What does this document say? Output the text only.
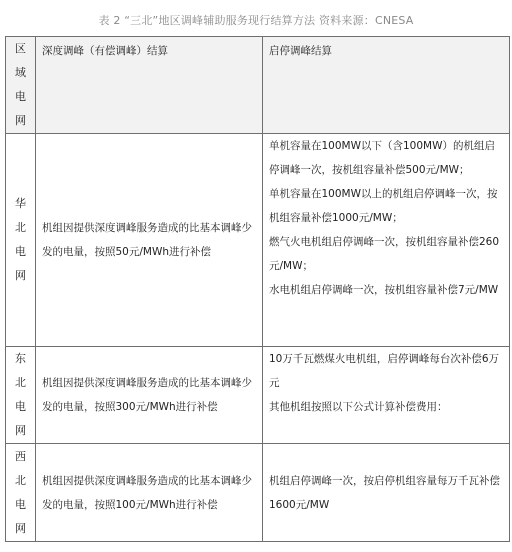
表 2 “三北”地区调峰辅助服务现行结算方法 资料来源：CNESA
区域电网	深度调峰（有偿调峰）结算	启停调峰结算

华北电网	机组因提供深度调峰服务造成的比基本调峰少发的电量，按照50元/MWh进行补偿	单机容量在100MW以下（含100MW）的机组启停调峰一次，按机组容量补偿500元/MW；
单机容量在100MW以上的机组启停调峰一次，按机组容量补偿1000元/MW；
燃气火电机组启停调峰一次，按机组容量补偿260元/MW；
水电机组启停调峰一次，按机组容量补偿7元/MW

东北电网	机组因提供深度调峰服务造成的比基本调峰少发的电量，按照300元/MWh进行补偿	10万千瓦燃煤火电机组，启停调峰每台次补偿6万元
其他机组按照以下公式计算补偿费用：

西北电网	机组因提供深度调峰服务造成的比基本调峰少发的电量，按照100元/MWh进行补偿	机组启停调峰一次，按启停机组容量每万千瓦补偿1600元/MW
